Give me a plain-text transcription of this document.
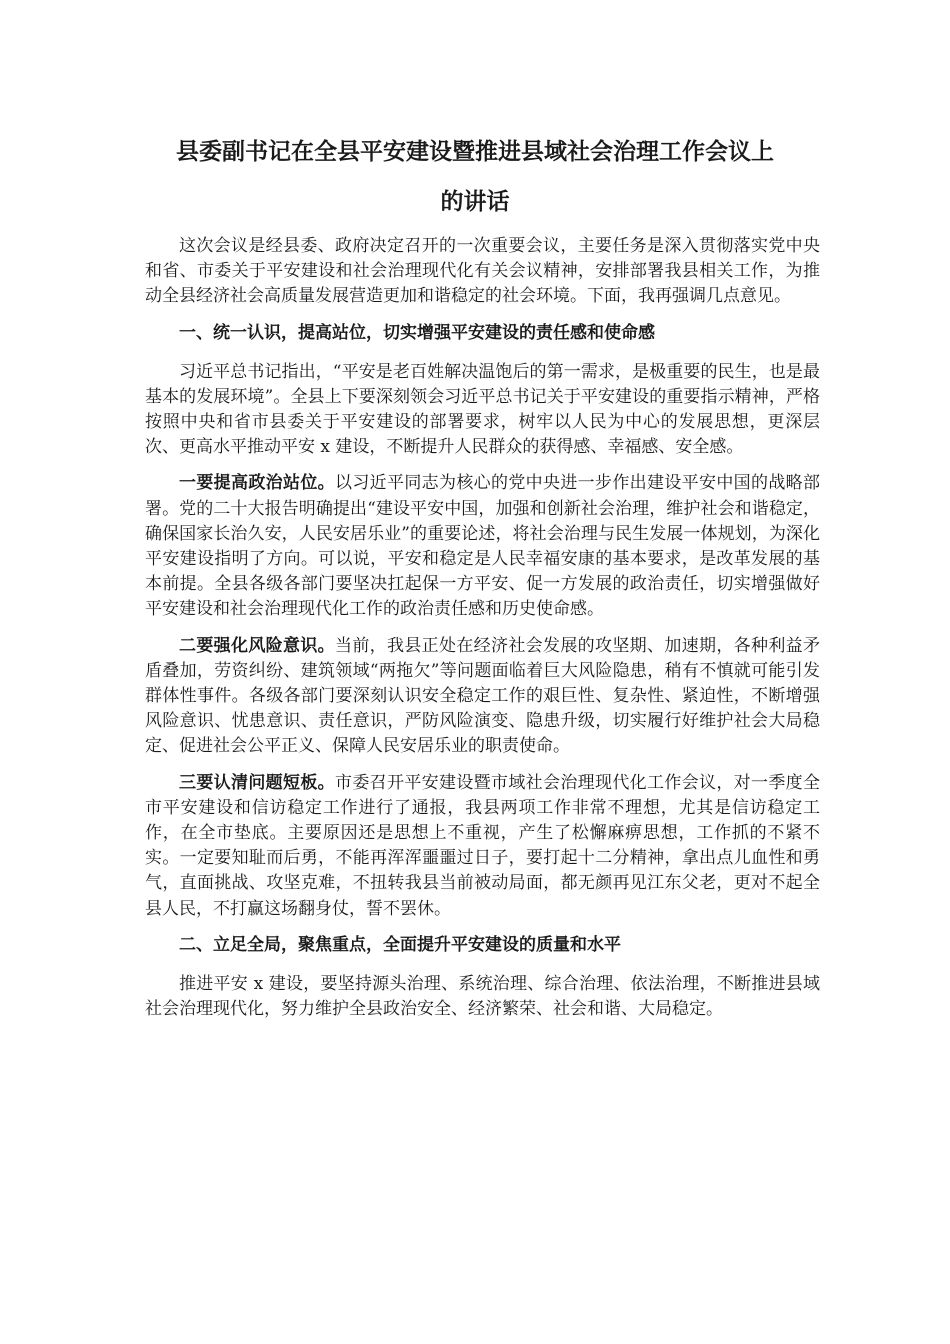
县委副书记在全县平安建设暨推进县域社会治理工作会议上
的讲话

这次会议是经县委、政府决定召开的一次重要会议，主要任务是深入贯彻落实党中央和省、市委关于平安建设和社会治理现代化有关会议精神，安排部署我县相关工作，为推动全县经济社会高质量发展营造更加和谐稳定的社会环境。下面，我再强调几点意见。

一、统一认识，提高站位，切实增强平安建设的责任感和使命感

习近平总书记指出，“平安是老百姓解决温饱后的第一需求，是极重要的民生，也是最基本的发展环境”。全县上下要深刻领会习近平总书记关于平安建设的重要指示精神，严格按照中央和省市县委关于平安建设的部署要求，树牢以人民为中心的发展思想，更深层次、更高水平推动平安 x 建设，不断提升人民群众的获得感、幸福感、安全感。

一要提高政治站位。以习近平同志为核心的党中央进一步作出建设平安中国的战略部署。党的二十大报告明确提出“建设平安中国，加强和创新社会治理，维护社会和谐稳定，确保国家长治久安，人民安居乐业”的重要论述，将社会治理与民生发展一体规划，为深化平安建设指明了方向。可以说，平安和稳定是人民幸福安康的基本要求，是改革发展的基本前提。全县各级各部门要坚决扛起保一方平安、促一方发展的政治责任，切实增强做好平安建设和社会治理现代化工作的政治责任感和历史使命感。

二要强化风险意识。当前，我县正处在经济社会发展的攻坚期、加速期，各种利益矛盾叠加，劳资纠纷、建筑领域“两拖欠”等问题面临着巨大风险隐患，稍有不慎就可能引发群体性事件。各级各部门要深刻认识安全稳定工作的艰巨性、复杂性、紧迫性，不断增强风险意识、忧患意识、责任意识，严防风险演变、隐患升级，切实履行好维护社会大局稳定、促进社会公平正义、保障人民安居乐业的职责使命。

三要认清问题短板。市委召开平安建设暨市域社会治理现代化工作会议，对一季度全市平安建设和信访稳定工作进行了通报，我县两项工作非常不理想，尤其是信访稳定工作，在全市垫底。主要原因还是思想上不重视，产生了松懈麻痹思想，工作抓的不紧不实。一定要知耻而后勇，不能再浑浑噩噩过日子，要打起十二分精神，拿出点儿血性和勇气，直面挑战、攻坚克难，不扭转我县当前被动局面，都无颜再见江东父老，更对不起全县人民，不打赢这场翻身仗，誓不罢休。

二、立足全局，聚焦重点，全面提升平安建设的质量和水平

推进平安 x 建设，要坚持源头治理、系统治理、综合治理、依法治理，不断推进县域社会治理现代化，努力维护全县政治安全、经济繁荣、社会和谐、大局稳定。
